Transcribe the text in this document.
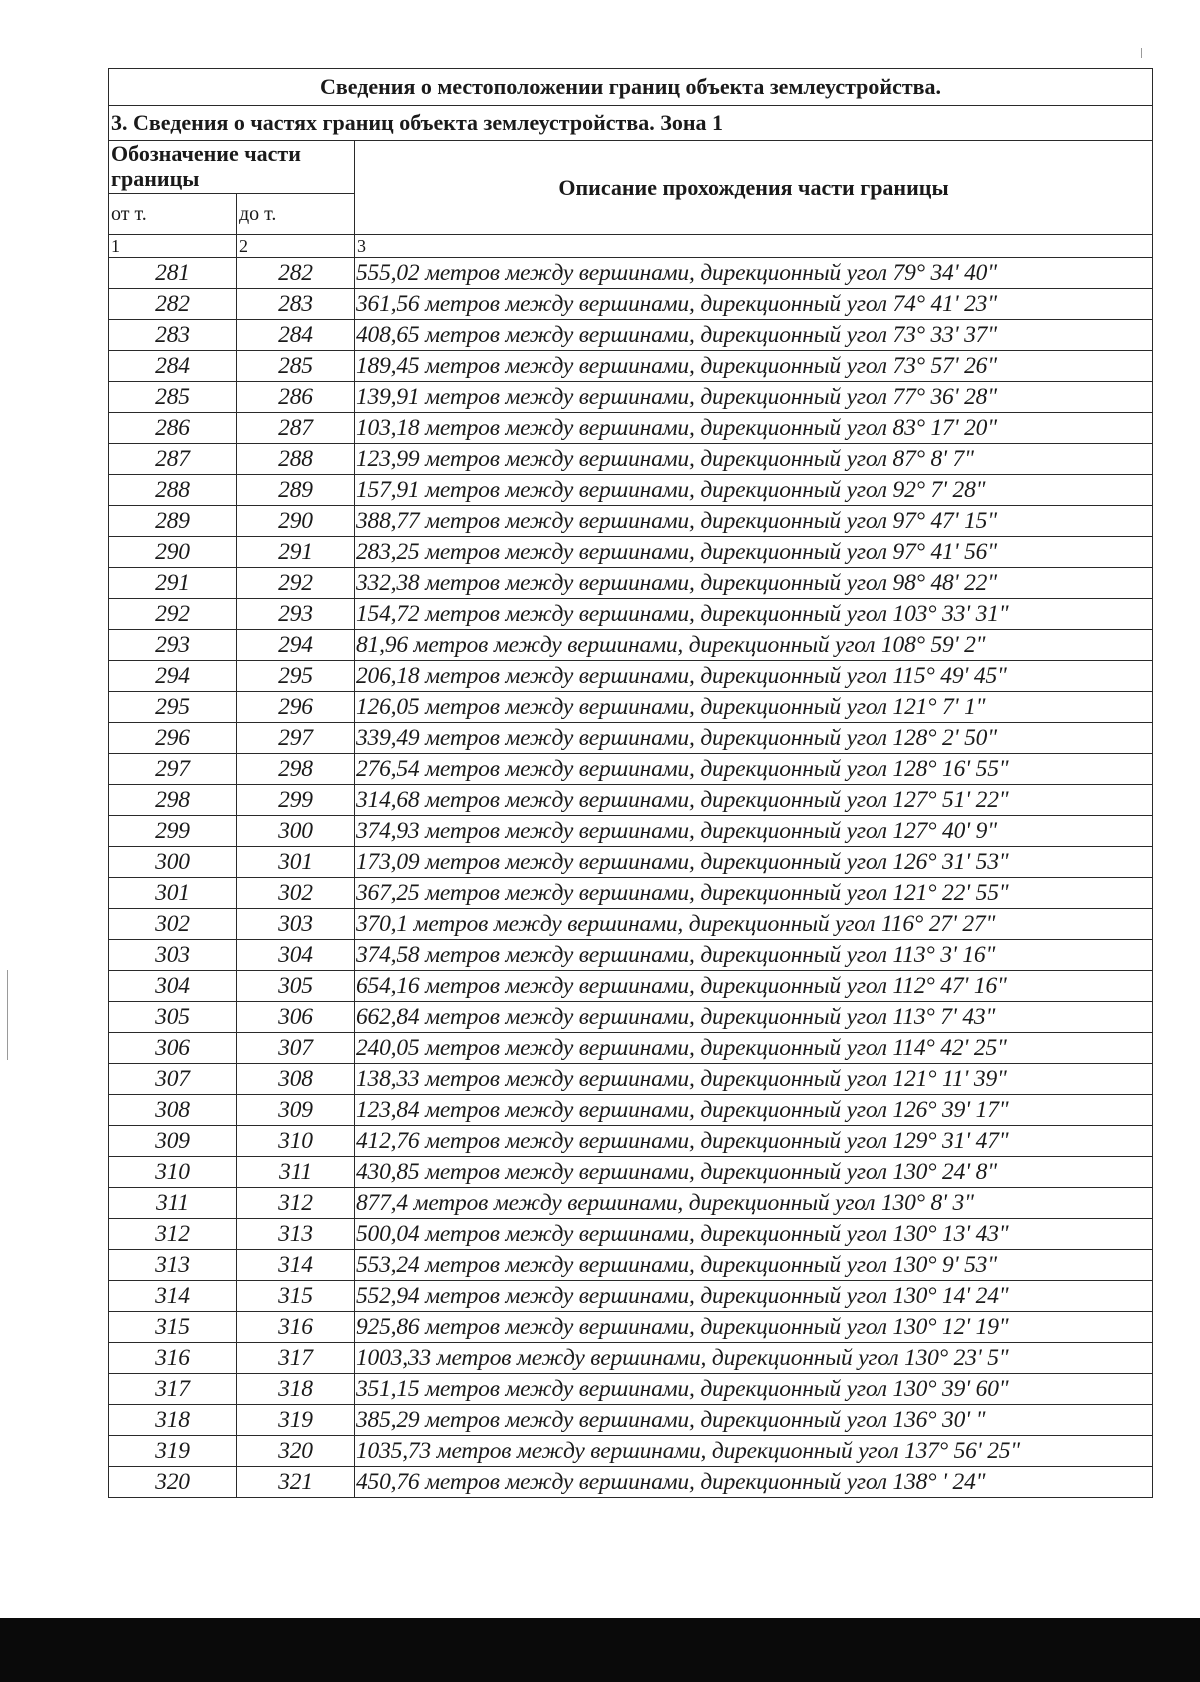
Сведения о местоположении границ объекта землеустройства.		
3. Сведения о частях границ объекта землеустройства. Зона 1		
Обозначение части границы		Описание прохождения части границы
от т.	до т.	
1	2	3
281	282	555,02 метров между вершинами, дирекционный угол 79° 34' 40"
282	283	361,56 метров между вершинами, дирекционный угол 74° 41' 23"
283	284	408,65 метров между вершинами, дирекционный угол 73° 33' 37"
284	285	189,45 метров между вершинами, дирекционный угол 73° 57' 26"
285	286	139,91 метров между вершинами, дирекционный угол 77° 36' 28"
286	287	103,18 метров между вершинами, дирекционный угол 83° 17' 20"
287	288	123,99 метров между вершинами, дирекционный угол 87° 8' 7"
288	289	157,91 метров между вершинами, дирекционный угол 92° 7' 28"
289	290	388,77 метров между вершинами, дирекционный угол 97° 47' 15"
290	291	283,25 метров между вершинами, дирекционный угол 97° 41' 56"
291	292	332,38 метров между вершинами, дирекционный угол 98° 48' 22"
292	293	154,72 метров между вершинами, дирекционный угол 103° 33' 31"
293	294	81,96 метров между вершинами, дирекционный угол 108° 59' 2"
294	295	206,18 метров между вершинами, дирекционный угол 115° 49' 45"
295	296	126,05 метров между вершинами, дирекционный угол 121° 7' 1"
296	297	339,49 метров между вершинами, дирекционный угол 128° 2' 50"
297	298	276,54 метров между вершинами, дирекционный угол 128° 16' 55"
298	299	314,68 метров между вершинами, дирекционный угол 127° 51' 22"
299	300	374,93 метров между вершинами, дирекционный угол 127° 40' 9"
300	301	173,09 метров между вершинами, дирекционный угол 126° 31' 53"
301	302	367,25 метров между вершинами, дирекционный угол 121° 22' 55"
302	303	370,1 метров между вершинами, дирекционный угол 116° 27' 27"
303	304	374,58 метров между вершинами, дирекционный угол 113° 3' 16"
304	305	654,16 метров между вершинами, дирекционный угол 112° 47' 16"
305	306	662,84 метров между вершинами, дирекционный угол 113° 7' 43"
306	307	240,05 метров между вершинами, дирекционный угол 114° 42' 25"
307	308	138,33 метров между вершинами, дирекционный угол 121° 11' 39"
308	309	123,84 метров между вершинами, дирекционный угол 126° 39' 17"
309	310	412,76 метров между вершинами, дирекционный угол 129° 31' 47"
310	311	430,85 метров между вершинами, дирекционный угол 130° 24' 8"
311	312	877,4 метров между вершинами, дирекционный угол 130° 8' 3"
312	313	500,04 метров между вершинами, дирекционный угол 130° 13' 43"
313	314	553,24 метров между вершинами, дирекционный угол 130° 9' 53"
314	315	552,94 метров между вершинами, дирекционный угол 130° 14' 24"
315	316	925,86 метров между вершинами, дирекционный угол 130° 12' 19"
316	317	1003,33 метров между вершинами, дирекционный угол 130° 23' 5"
317	318	351,15 метров между вершинами, дирекционный угол 130° 39' 60"
318	319	385,29 метров между вершинами, дирекционный угол 136° 30' "
319	320	1035,73 метров между вершинами, дирекционный угол 137° 56' 25"
320	321	450,76 метров между вершинами, дирекционный угол 138° ' 24"
